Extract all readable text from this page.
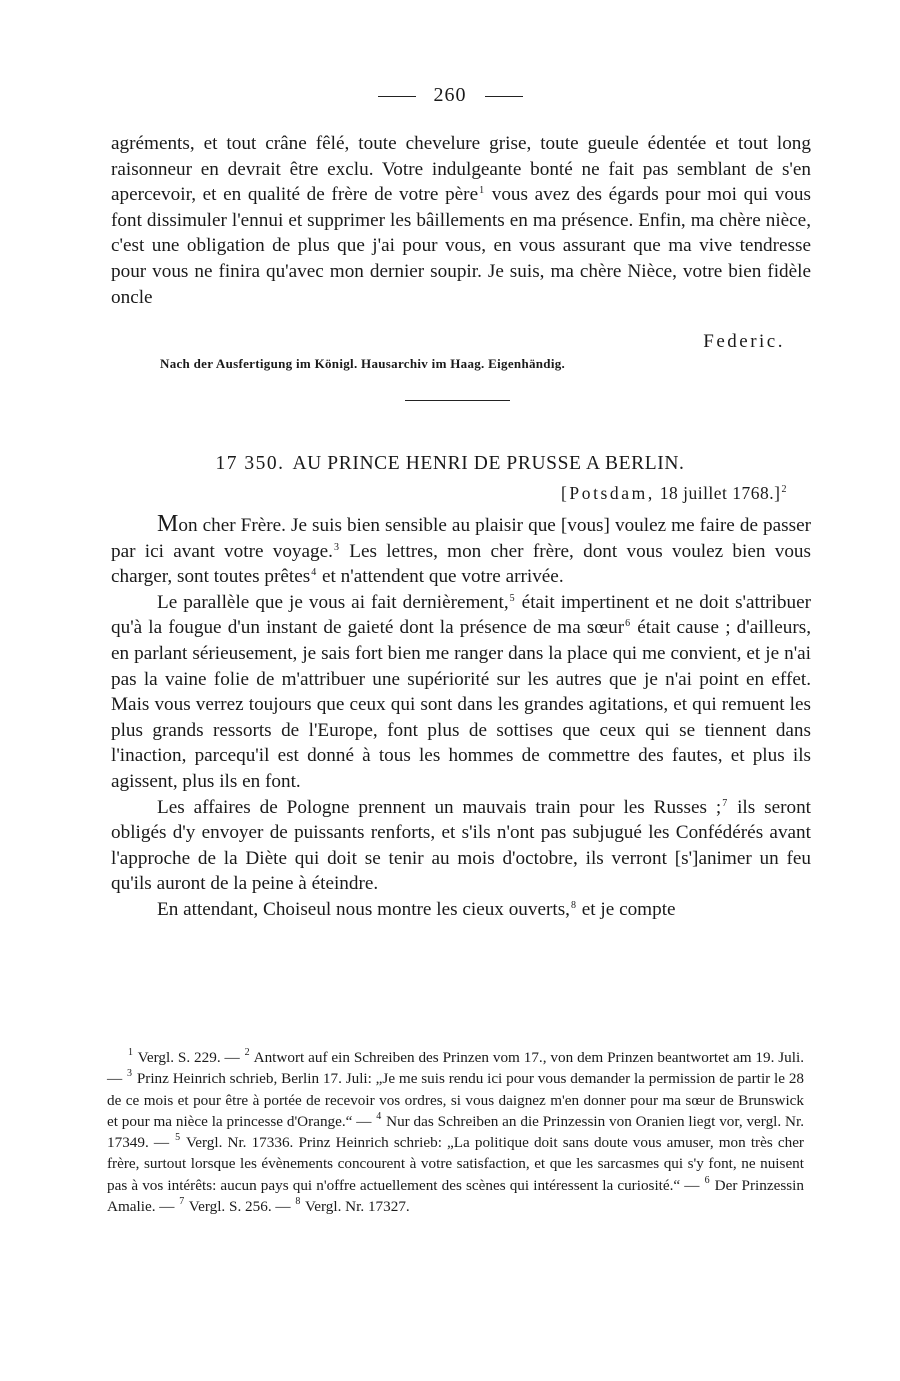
260

agréments, et tout crâne fêlé, toute chevelure grise, toute gueule édentée et tout long raisonneur en devrait être exclu. Votre indulgeante bonté ne fait pas semblant de s'en apercevoir, et en qualité de frère de votre père$^1$ vous avez des égards pour moi qui vous font dissimuler l'ennui et supprimer les bâillements en ma présence. Enfin, ma chère nièce, c'est une obligation de plus que j'ai pour vous, en vous assurant que ma vive tendresse pour vous ne finira qu'avec mon dernier soupir. Je suis, ma chère Nièce, votre bien fidèle oncle

Federic.
Nach der Ausfertigung im Königl. Hausarchiv im Haag. Eigenhändig.
17 350. AU PRINCE HENRI DE PRUSSE A BERLIN.
[Potsdam, 18 juillet 1768.]$^2$

Mon cher Frère. Je suis bien sensible au plaisir que [vous] voulez me faire de passer par ici avant votre voyage.$^3$ Les lettres, mon cher frère, dont vous voulez bien vous charger, sont toutes prêtes$^4$ et n'attendent que votre arrivée.

Le parallèle que je vous ai fait dernièrement,$^5$ était impertinent et ne doit s'attribuer qu'à la fougue d'un instant de gaieté dont la présence de ma sœur$^6$ était cause ; d'ailleurs, en parlant sérieusement, je sais fort bien me ranger dans la place qui me convient, et je n'ai pas la vaine folie de m'attribuer une supériorité sur les autres que je n'ai point en effet. Mais vous verrez toujours que ceux qui sont dans les grandes agitations, et qui remuent les plus grands ressorts de l'Europe, font plus de sottises que ceux qui se tiennent dans l'inaction, parcequ'il est donné à tous les hommes de commettre des fautes, et plus ils agissent, plus ils en font.

Les affaires de Pologne prennent un mauvais train pour les Russes ;$^7$ ils seront obligés d'y envoyer de puissants renforts, et s'ils n'ont pas subjugué les Confédérés avant l'approche de la Diète qui doit se tenir au mois d'octobre, ils verront [s']animer un feu qu'ils auront de la peine à éteindre.

En attendant, Choiseul nous montre les cieux ouverts,$^8$ et je compte

$^1$ Vergl. S. 229. — $^2$ Antwort auf ein Schreiben des Prinzen vom 17., von dem Prinzen beantwortet am 19. Juli. — $^3$ Prinz Heinrich schrieb, Berlin 17. Juli: „Je me suis rendu ici pour vous demander la permission de partir le 28 de ce mois et pour être à portée de recevoir vos ordres, si vous daignez m'en donner pour ma sœur de Brunswick et pour ma nièce la princesse d'Orange.“ — $^4$ Nur das Schreiben an die Prinzessin von Oranien liegt vor, vergl. Nr. 17349. — $^5$ Vergl. Nr. 17336. Prinz Heinrich schrieb: „La politique doit sans doute vous amuser, mon très cher frère, surtout lorsque les évènements concourent à votre satisfaction, et que les sarcasmes qui s'y font, ne nuisent pas à vos intérêts: aucun pays qui n'offre actuellement des scènes qui intéressent la curiosité.“ — $^6$ Der Prinzessin Amalie. — $^7$ Vergl. S. 256. — $^8$ Vergl. Nr. 17327.
